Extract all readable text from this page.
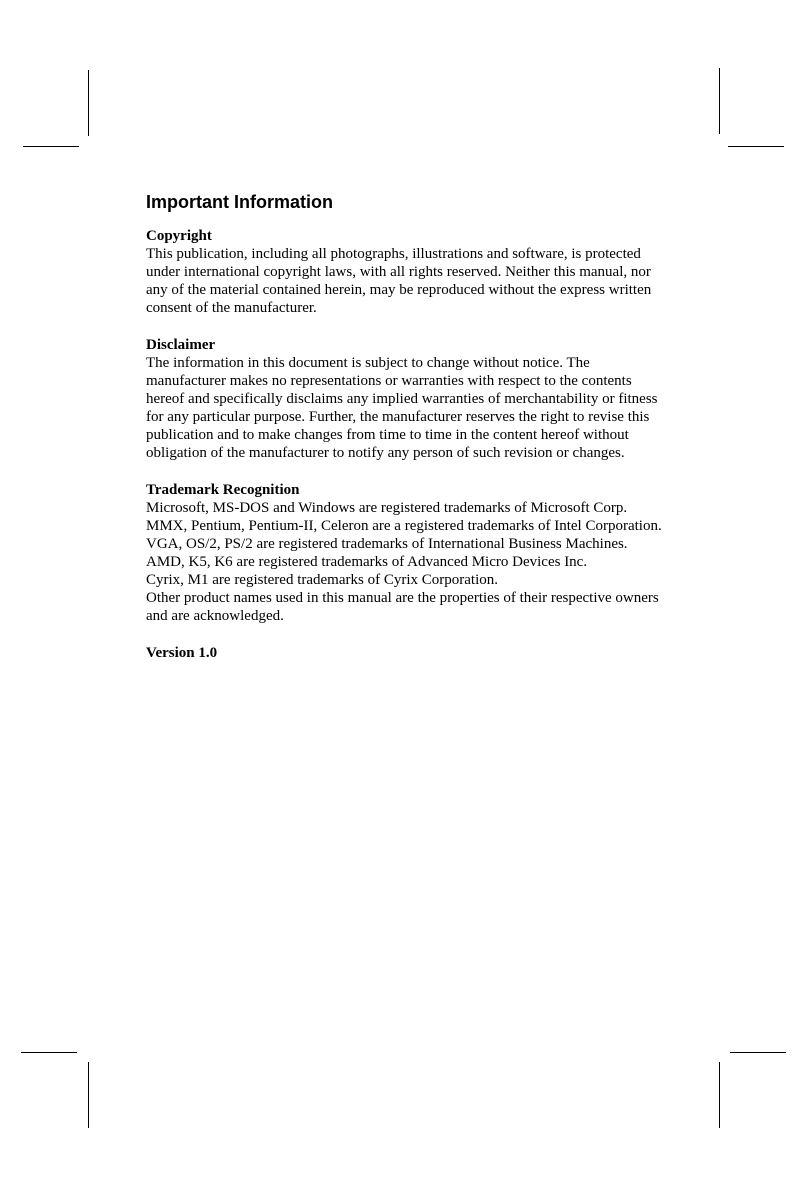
Important Information
Copyright

This publication, including all photographs, illustrations and software, is protected

under international copyright laws, with all rights reserved. Neither this manual, nor

any of the material contained herein, may be reproduced without the express written

consent of the manufacturer.

Disclaimer

The information in this document is subject to change without notice. The

manufacturer makes no representations or warranties with respect to the contents

hereof and specifically disclaims any implied warranties of merchantability or fitness

for any particular purpose. Further, the manufacturer reserves the right to revise this

publication and to make changes from time to time in the content hereof without

obligation of the manufacturer to notify any person of such revision or changes.

Trademark Recognition

Microsoft, MS-DOS and Windows are registered trademarks of Microsoft Corp.

MMX, Pentium, Pentium-II, Celeron are a registered trademarks of Intel Corporation.

VGA, OS/2, PS/2 are registered trademarks of International Business Machines.

AMD, K5, K6 are registered trademarks of Advanced Micro Devices Inc.

Cyrix, M1 are registered trademarks of Cyrix Corporation.

Other product names used in this manual are the properties of their respective owners

and are acknowledged.

Version 1.0
